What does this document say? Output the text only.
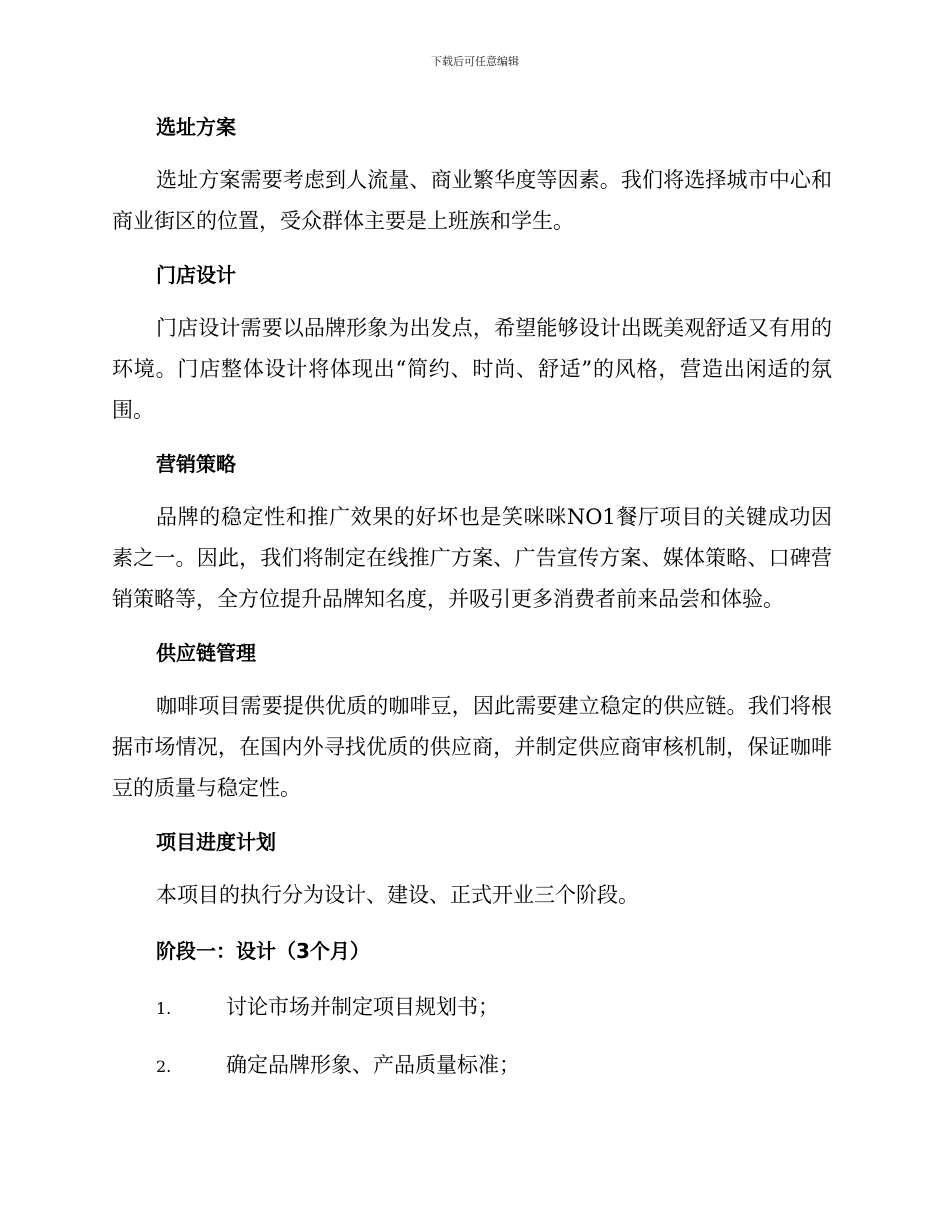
下载后可任意编辑
选址方案

选址方案需要考虑到人流量、商业繁华度等因素。我们将选择城市中心和商业街区的位置，受众群体主要是上班族和学生。

门店设计

门店设计需要以品牌形象为出发点，希望能够设计出既美观舒适又有用的环境。门店整体设计将体现出“简约、时尚、舒适”的风格，营造出闲适的氛围。

营销策略

品牌的稳定性和推广效果的好坏也是笑咪咪NO1餐厅项目的关键成功因素之一。因此，我们将制定在线推广方案、广告宣传方案、媒体策略、口碑营销策略等，全方位提升品牌知名度，并吸引更多消费者前来品尝和体验。

供应链管理

咖啡项目需要提供优质的咖啡豆，因此需要建立稳定的供应链。我们将根据市场情况，在国内外寻找优质的供应商，并制定供应商审核机制，保证咖啡豆的质量与稳定性。

项目进度计划

本项目的执行分为设计、建设、正式开业三个阶段。

阶段一：设计（3个月）
1.	讨论市场并制定项目规划书；
2.	确定品牌形象、产品质量标准；
